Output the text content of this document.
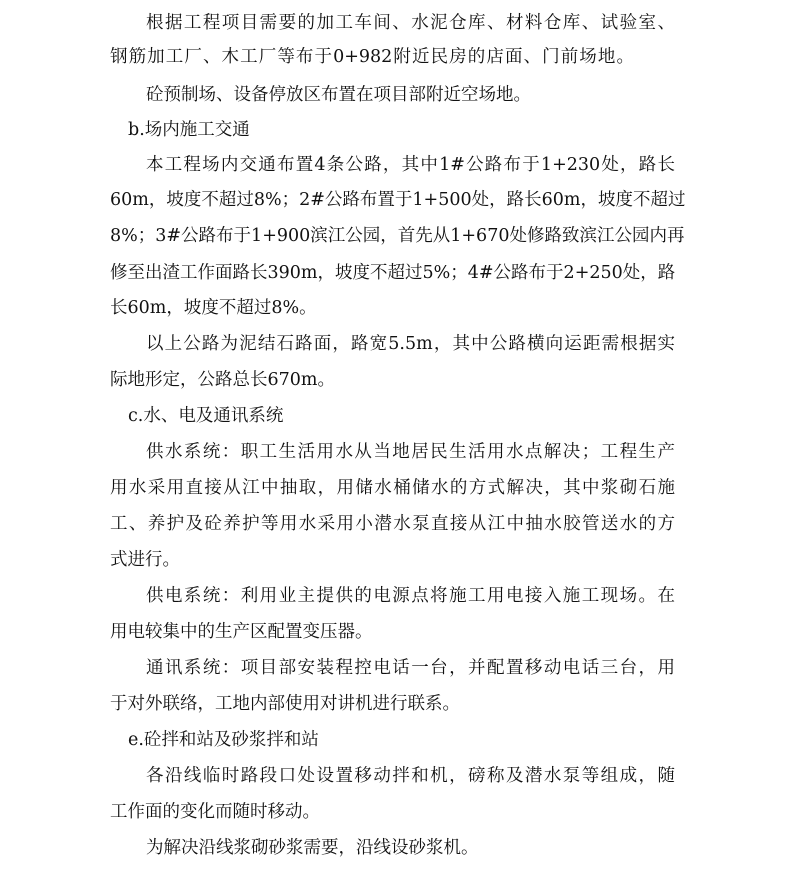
根据工程项目需要的加工车间、水泥仓库、材料仓库、试验室、
钢筋加工厂、木工厂等布于0+982附近民房的店面、门前场地。
砼预制场、设备停放区布置在项目部附近空场地。
b.场内施工交通
本工程场内交通布置4条公路，其中1#公路布于1+230处，路长
60m，坡度不超过8%；2#公路布置于1+500处，路长60m，坡度不超过
8%；3#公路布于1+900滨江公园，首先从1+670处修路致滨江公园内再
修至出渣工作面路长390m，坡度不超过5%；4#公路布于2+250处，路
长60m，坡度不超过8%。
以上公路为泥结石路面，路宽5.5m，其中公路横向运距需根据实
际地形定，公路总长670m。
c.水、电及通讯系统
供水系统：职工生活用水从当地居民生活用水点解决；工程生产
用水采用直接从江中抽取，用储水桶储水的方式解决，其中浆砌石施
工、养护及砼养护等用水采用小潜水泵直接从江中抽水胶管送水的方
式进行。
供电系统：利用业主提供的电源点将施工用电接入施工现场。在
用电较集中的生产区配置变压器。
通讯系统：项目部安装程控电话一台，并配置移动电话三台，用
于对外联络，工地内部使用对讲机进行联系。
e.砼拌和站及砂浆拌和站
各沿线临时路段口处设置移动拌和机，磅称及潜水泵等组成，随
工作面的变化而随时移动。
为解决沿线浆砌砂浆需要，沿线设砂浆机。
